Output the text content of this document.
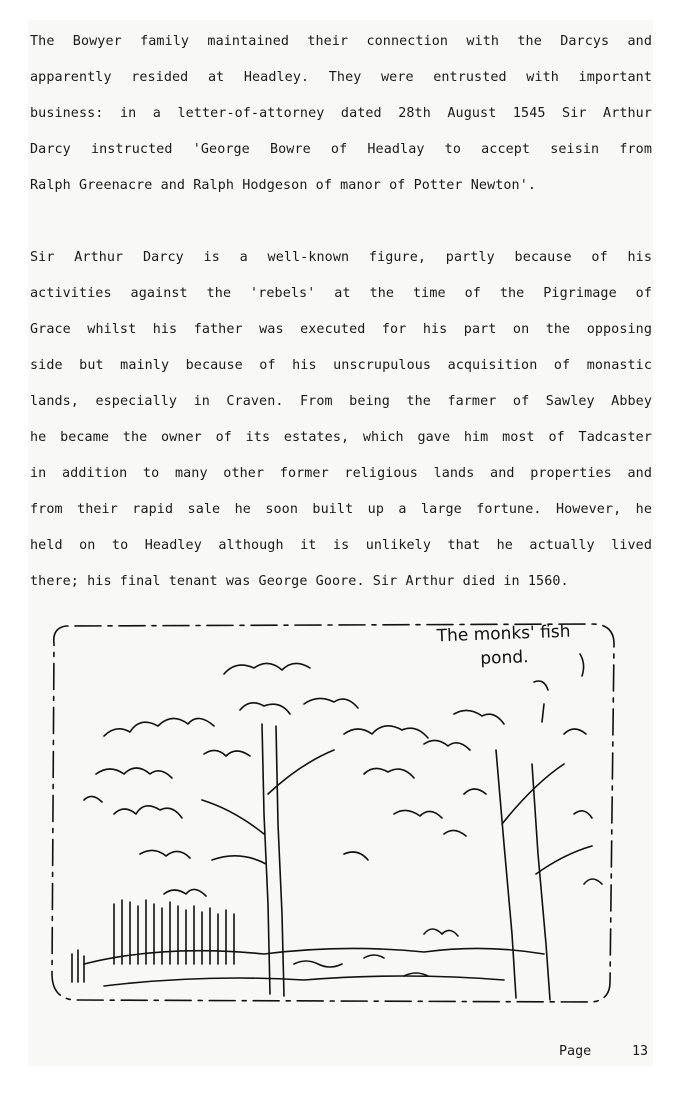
The Bowyer family maintained their connection with the Darcys and
apparently resided at Headley. They were entrusted with important
business: in a letter-of-attorney dated 28th August 1545 Sir Arthur
Darcy instructed 'George Bowre of Headlay to accept seisin from
Ralph Greenacre and Ralph Hodgeson of manor of Potter Newton'.
Sir Arthur Darcy is a well-known figure, partly because of his
activities against the 'rebels' at the time of the Pigrimage of
Grace whilst his father was executed for his part on the opposing
side but mainly because of his unscrupulous acquisition of monastic
lands, especially in Craven. From being the farmer of Sawley Abbey
he became the owner of its estates, which gave him most of Tadcaster
in addition to many other former religious lands and properties and
from their rapid sale he soon built up a large fortune. However, he
held on to Headley although it is unlikely that he actually lived
there; his final tenant was George Goore. Sir Arthur died in 1560.
The monks' fish
pond.
Page	13
